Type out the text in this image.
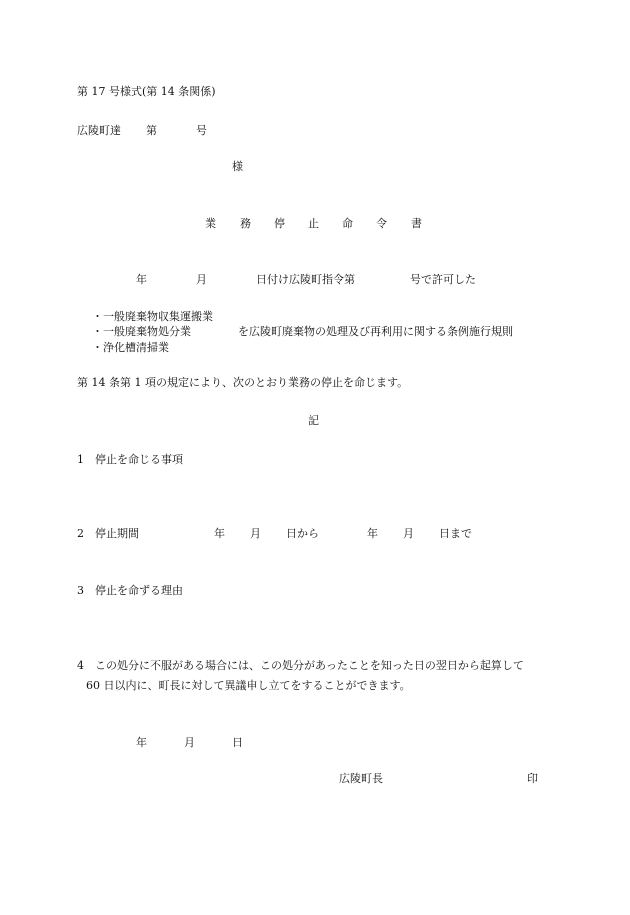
第 17 号様式(第 14 条関係)
広陵町達 第	号
様
業 務 停 止 命 令 書
年	月	日付け広陵町指令第	号で許可した
・一般廃棄物収集運搬業
・一般廃棄物処分業	を広陵町廃棄物の処理及び再利用に関する条例施行規則
・浄化槽清掃業
第 14 条第 1 項の規定により、次のとおり業務の停止を命じます。
記
1　停止を命じる事項
2　停止期間	年 月 日から	年 月 日まで
3　停止を命ずる理由
4　この処分に不服がある場合には、この処分があったことを知った日の翌日から起算して
60 日以内に、町長に対して異議申し立てをすることができます。
年	月	日
広陵町長	印
